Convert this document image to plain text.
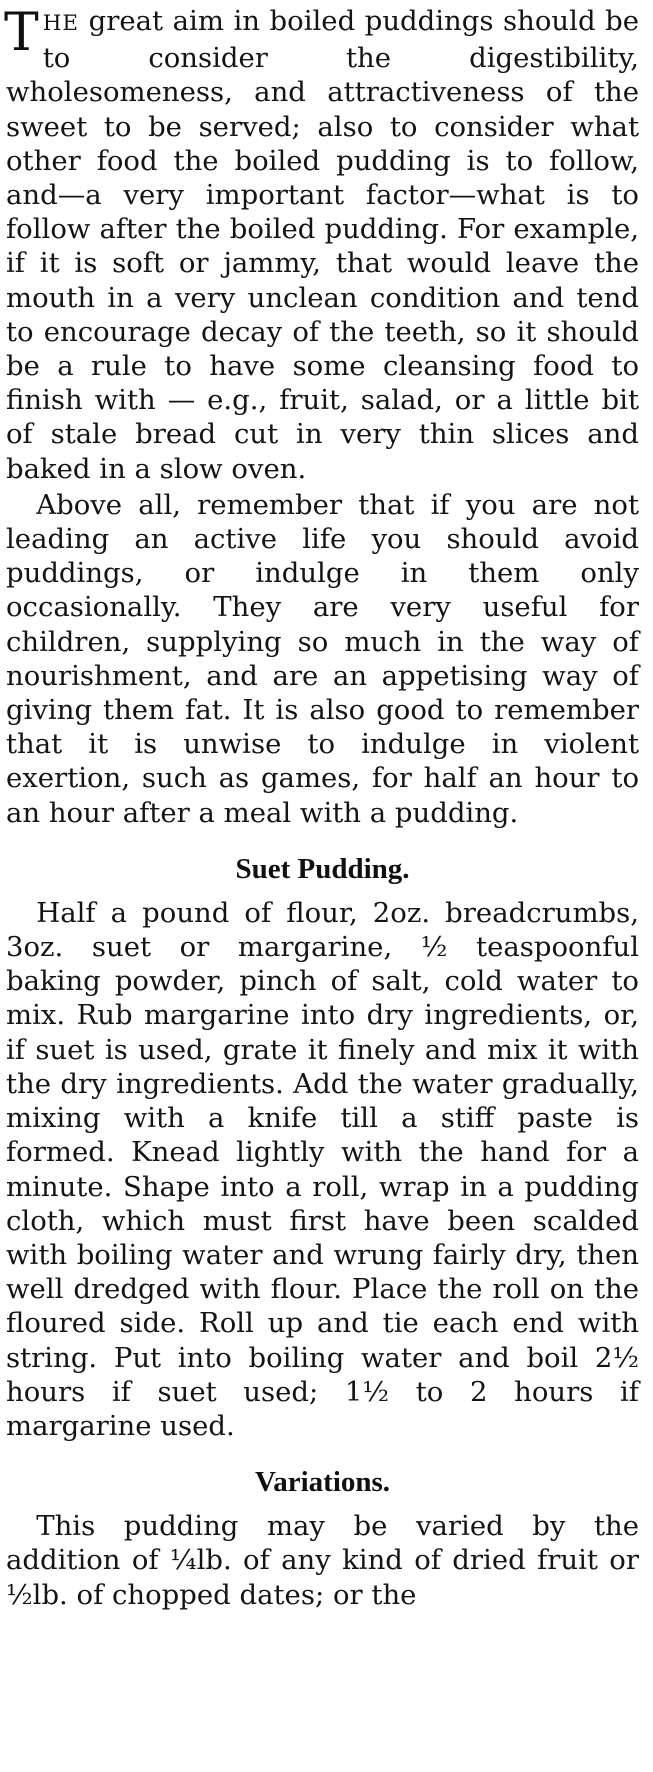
THE great aim in boiled puddings should be to consider the digestibility, wholesomeness, and attractiveness of the sweet to be served; also to consider what other food the boiled pudding is to follow, and—a very important factor—what is to follow after the boiled pudding. For example, if it is soft or jammy, that would leave the mouth in a very unclean condition and tend to encourage decay of the teeth, so it should be a rule to have some cleansing food to finish with — e.g., fruit, salad, or a little bit of stale bread cut in very thin slices and baked in a slow oven.

Above all, remember that if you are not leading an active life you should avoid puddings, or indulge in them only occasionally. They are very useful for children, supplying so much in the way of nourishment, and are an appetising way of giving them fat. It is also good to remember that it is unwise to indulge in violent exertion, such as games, for half an hour to an hour after a meal with a pudding.

Suet Pudding.

Half a pound of flour, 2oz. breadcrumbs, 3oz. suet or margarine, ½ teaspoonful baking powder, pinch of salt, cold water to mix. Rub margarine into dry ingredients, or, if suet is used, grate it finely and mix it with the dry ingredients. Add the water gradually, mixing with a knife till a stiff paste is formed. Knead lightly with the hand for a minute. Shape into a roll, wrap in a pudding cloth, which must first have been scalded with boiling water and wrung fairly dry, then well dredged with flour. Place the roll on the floured side. Roll up and tie each end with string. Put into boiling water and boil 2½ hours if suet used; 1½ to 2 hours if margarine used.

Variations.

This pudding may be varied by the addition of ¼lb. of any kind of dried fruit or ½lb. of chopped dates; or the
